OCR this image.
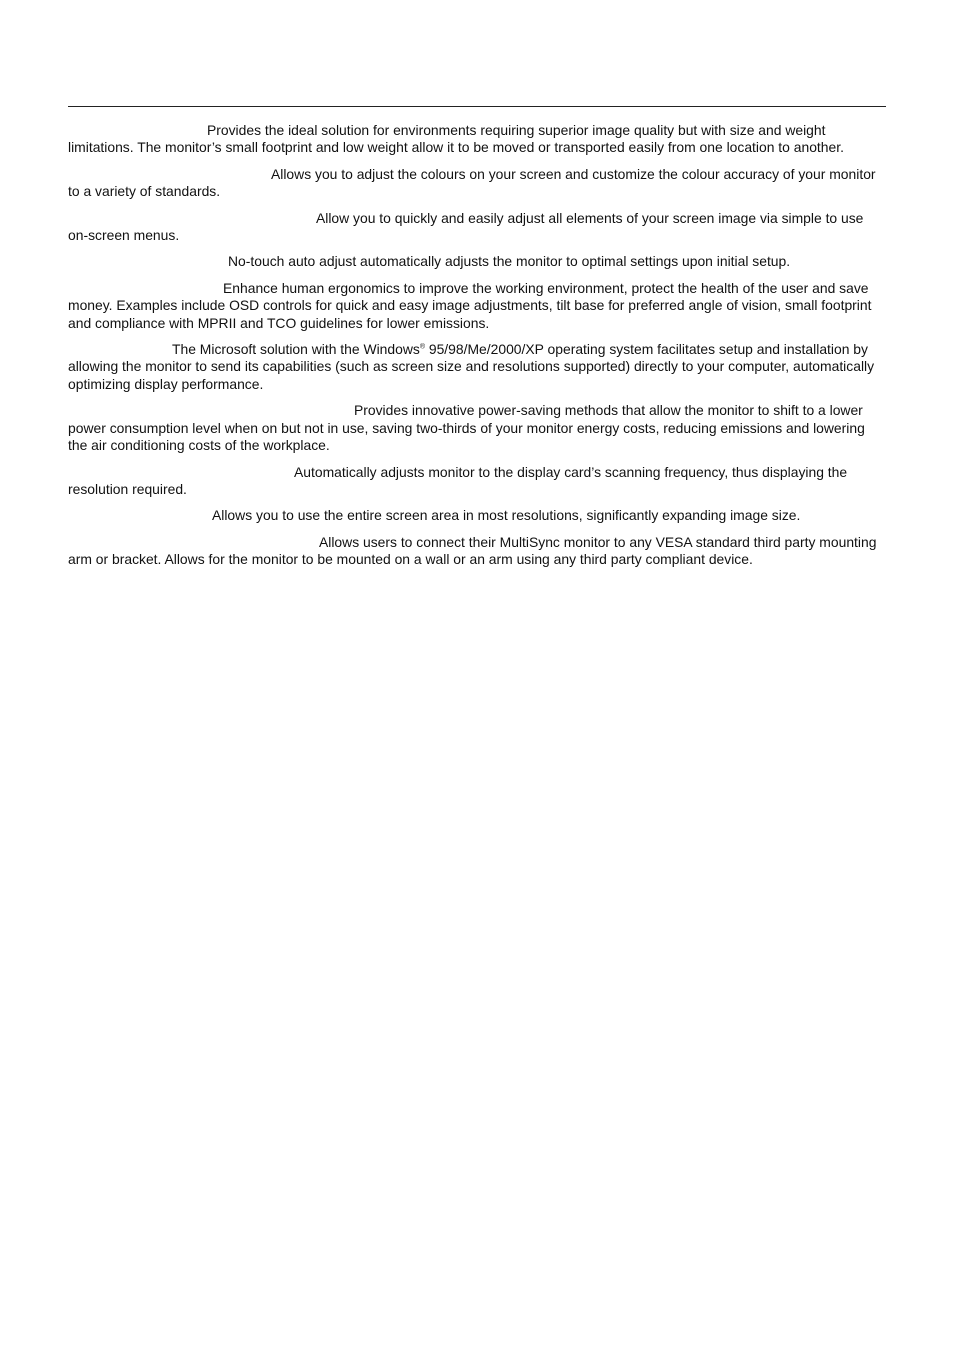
Provides the ideal solution for environments requiring superior image quality but with size and weight limitations. The monitor’s small footprint and low weight allow it to be moved or transported easily from one location to another.

Allows you to adjust the colours on your screen and customize the colour accuracy of your monitor to a variety of standards.

Allow you to quickly and easily adjust all elements of your screen image via simple to use on-screen menus.

No-touch auto adjust automatically adjusts the monitor to optimal settings upon initial setup.

Enhance human ergonomics to improve the working environment, protect the health of the user and save money. Examples include OSD controls for quick and easy image adjustments, tilt base for preferred angle of vision, small footprint and compliance with MPRII and TCO guidelines for lower emissions.

The Microsoft solution with the Windows® 95/98/Me/2000/XP operating system facilitates setup and installation by allowing the monitor to send its capabilities (such as screen size and resolutions supported) directly to your computer, automatically optimizing display performance.

Provides innovative power-saving methods that allow the monitor to shift to a lower power consumption level when on but not in use, saving two-thirds of your monitor energy costs, reducing emissions and lowering the air conditioning costs of the workplace.

Automatically adjusts monitor to the display card’s scanning frequency, thus displaying the resolution required.

Allows you to use the entire screen area in most resolutions, significantly expanding image size.

Allows users to connect their MultiSync monitor to any VESA standard third party mounting arm or bracket. Allows for the monitor to be mounted on a wall or an arm using any third party compliant device.
